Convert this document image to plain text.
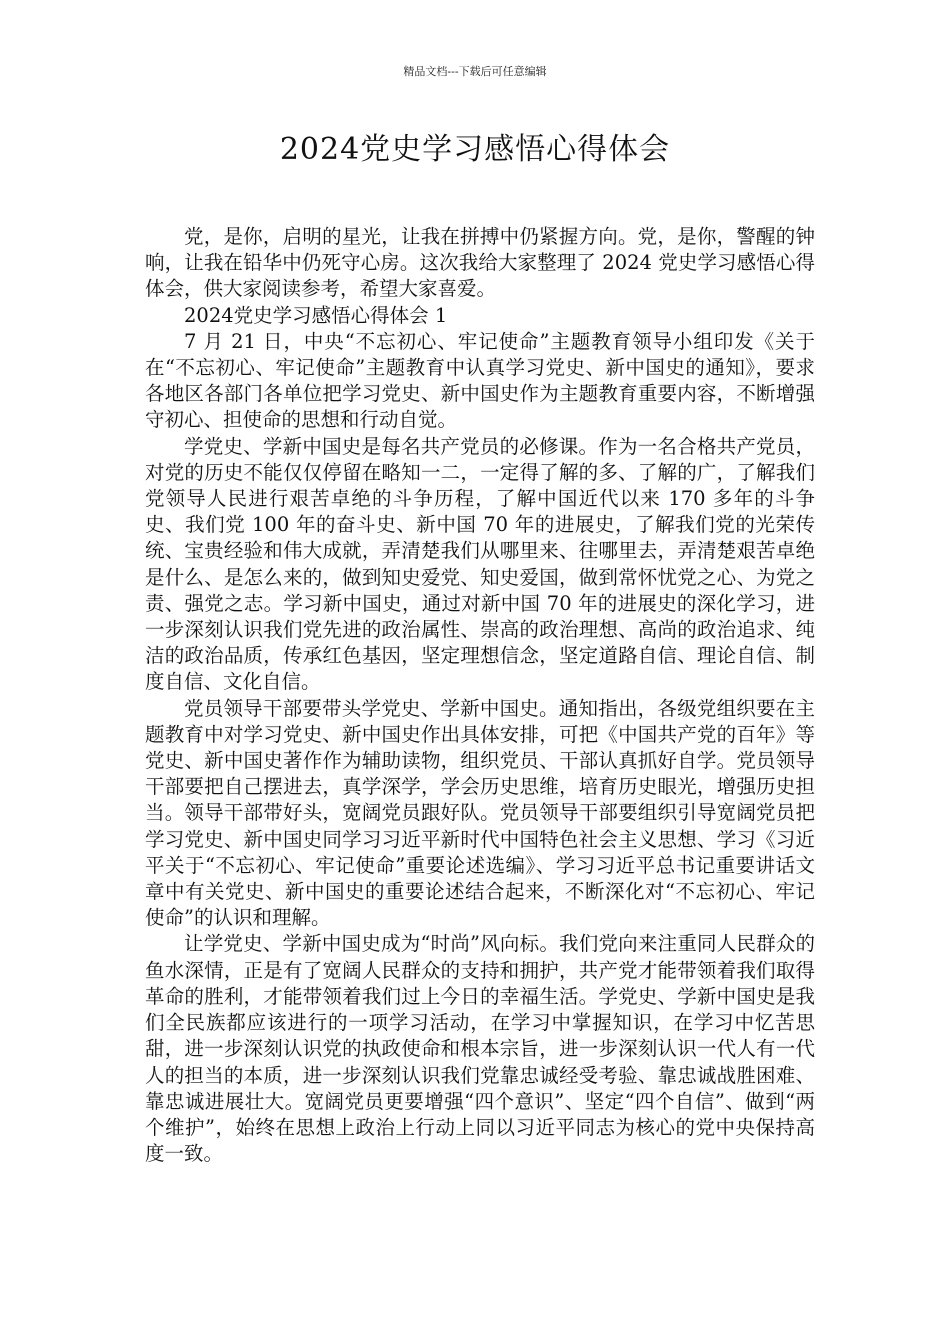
精品文档---下载后可任意编辑
2024党史学习感悟心得体会

党，是你，启明的星光，让我在拼搏中仍紧握方向。党，是你，警醒的钟响，让我在铅华中仍死守心房。这次我给大家整理了 2024 党史学习感悟心得体会，供大家阅读参考，希望大家喜爱。

2024党史学习感悟心得体会 1

7 月 21 日，中央“不忘初心、牢记使命”主题教育领导小组印发《关于在“不忘初心、牢记使命”主题教育中认真学习党史、新中国史的通知》，要求各地区各部门各单位把学习党史、新中国史作为主题教育重要内容，不断增强守初心、担使命的思想和行动自觉。

学党史、学新中国史是每名共产党员的必修课。作为一名合格共产党员，对党的历史不能仅仅停留在略知一二，一定得了解的多、了解的广，了解我们党领导人民进行艰苦卓绝的斗争历程，了解中国近代以来 170 多年的斗争史、我们党 100 年的奋斗史、新中国 70 年的进展史，了解我们党的光荣传统、宝贵经验和伟大成就，弄清楚我们从哪里来、往哪里去，弄清楚艰苦卓绝是什么、是怎么来的，做到知史爱党、知史爱国，做到常怀忧党之心、为党之责、强党之志。学习新中国史，通过对新中国 70 年的进展史的深化学习，进一步深刻认识我们党先进的政治属性、崇高的政治理想、高尚的政治追求、纯洁的政治品质，传承红色基因，坚定理想信念，坚定道路自信、理论自信、制度自信、文化自信。

党员领导干部要带头学党史、学新中国史。通知指出，各级党组织要在主题教育中对学习党史、新中国史作出具体安排，可把《中国共产党的百年》等党史、新中国史著作作为辅助读物，组织党员、干部认真抓好自学。党员领导干部要把自己摆进去，真学深学，学会历史思维，培育历史眼光，增强历史担当。领导干部带好头，宽阔党员跟好队。党员领导干部要组织引导宽阔党员把学习党史、新中国史同学习习近平新时代中国特色社会主义思想、学习《习近平关于“不忘初心、牢记使命”重要论述选编》、学习习近平总书记重要讲话文章中有关党史、新中国史的重要论述结合起来，不断深化对“不忘初心、牢记使命”的认识和理解。

让学党史、学新中国史成为“时尚”风向标。我们党向来注重同人民群众的鱼水深情，正是有了宽阔人民群众的支持和拥护，共产党才能带领着我们取得革命的胜利，才能带领着我们过上今日的幸福生活。学党史、学新中国史是我们全民族都应该进行的一项学习活动，在学习中掌握知识，在学习中忆苦思甜，进一步深刻认识党的执政使命和根本宗旨，进一步深刻认识一代人有一代人的担当的本质，进一步深刻认识我们党靠忠诚经受考验、靠忠诚战胜困难、靠忠诚进展壮大。宽阔党员更要增强“四个意识”、坚定“四个自信”、做到“两个维护”，始终在思想上政治上行动上同以习近平同志为核心的党中央保持高度一致。
